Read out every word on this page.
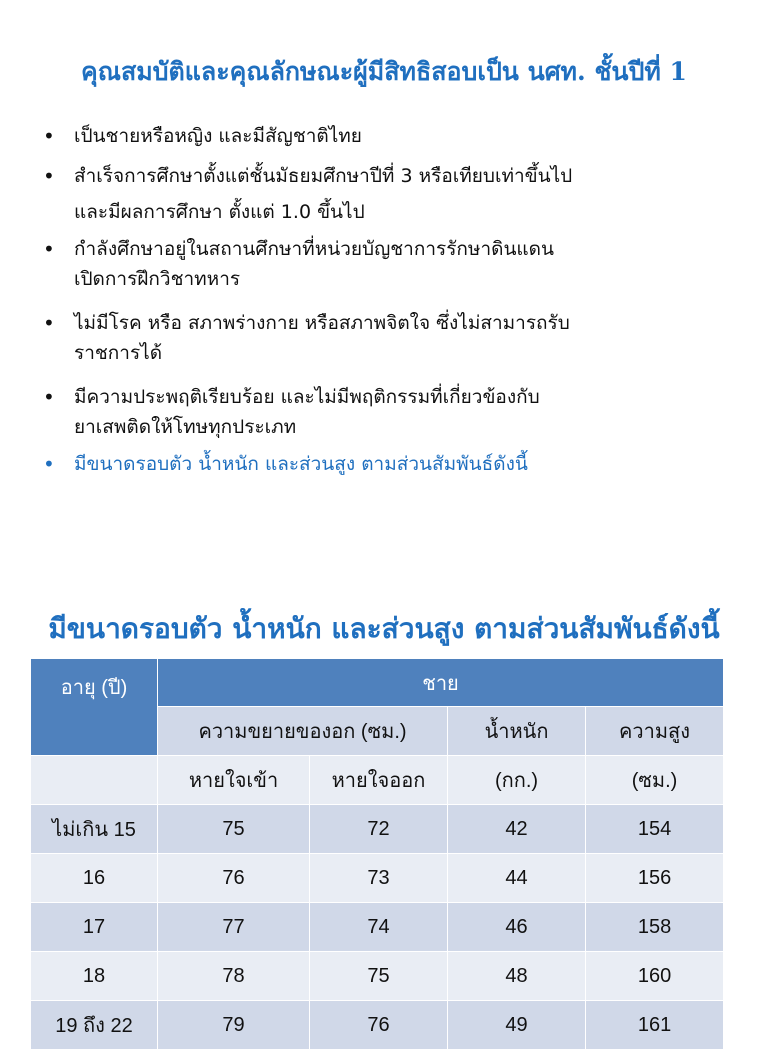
คุณสมบัติและคุณลักษณะผู้มีสิทธิสอบเป็น นศท. ชั้นปีที่ 1
• เป็นชายหรือหญิง และมีสัญชาติไทย
• สำเร็จการศึกษาตั้งแต่ชั้นมัธยมศึกษาปีที่ 3 หรือเทียบเท่าขึ้นไป
และมีผลการศึกษา ตั้งแต่ 1.0 ขึ้นไป
• กำลังศึกษาอยู่ในสถานศึกษาที่หน่วยบัญชาการรักษาดินแดน
เปิดการฝึกวิชาทหาร
• ไม่มีโรค หรือ สภาพร่างกาย หรือสภาพจิตใจ ซึ่งไม่สามารถรับ
ราชการได้
• มีความประพฤติเรียบร้อย และไม่มีพฤติกรรมที่เกี่ยวข้องกับ
ยาเสพติดให้โทษทุกประเภท
• มีขนาดรอบตัว น้ำหนัก และส่วนสูง ตามส่วนสัมพันธ์ดังนี้
มีขนาดรอบตัว น้ำหนัก และส่วนสูง ตามส่วนสัมพันธ์ดังนี้
อายุ (ปี)	ชาย			
	ความขยายของอก (ซม.)		น้ำหนัก	ความสูง
	หายใจเข้า	หายใจออก	(กก.)	(ซม.)
ไม่เกิน 15	75	72	42	154
16	76	73	44	156
17	77	74	46	158
18	78	75	48	160
19 ถึง 22	79	76	49	161
